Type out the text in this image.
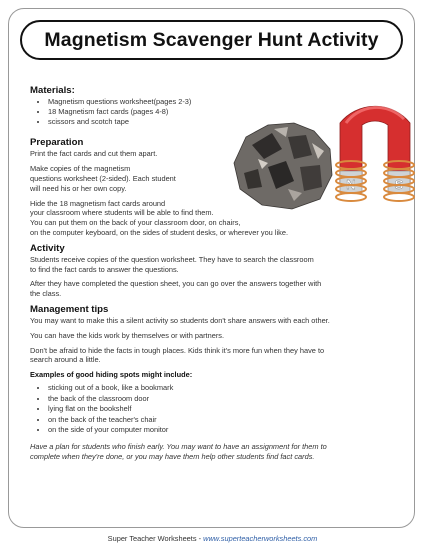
Magnetism Scavenger Hunt Activity
N	S
Materials:
• Magnetism questions worksheet(pages 2-3)
• 18 Magnetism fact cards (pages 4-8)
• scissors and scotch tape
Preparation

Print the fact cards and cut them apart.

Make copies of the magnetism
questions worksheet (2-sided). Each student
will need his or her own copy.

Hide the 18 magnetism fact cards around
your classroom where students will be able to find them.
You can put them on the back of your classroom door, on chairs,
on the computer keyboard, on the sides of student desks, or wherever you like.

Activity

Students receive copies of the question worksheet. They have to search the classroom
to find the fact cards to answer the questions.

After they have completed the question sheet, you can go over the answers together with
the class.

Management tips

You may want to make this a silent activity so students don't share answers with each other.

You can have the kids work by themselves or with partners.

Don't be afraid to hide the facts in tough places. Kids think it's more fun when they have to
search around a little.

Examples of good hiding spots might include:
• sticking out of a book, like a bookmark
• the back of the classroom door
• lying flat on the bookshelf
• on the back of the teacher's chair
• on the side of your computer monitor

Have a plan for students who finish early. You may want to have an assignment for them to
complete when they're done, or you may have them help other students find fact cards.

Super Teacher Worksheets - www.superteacherworksheets.com
